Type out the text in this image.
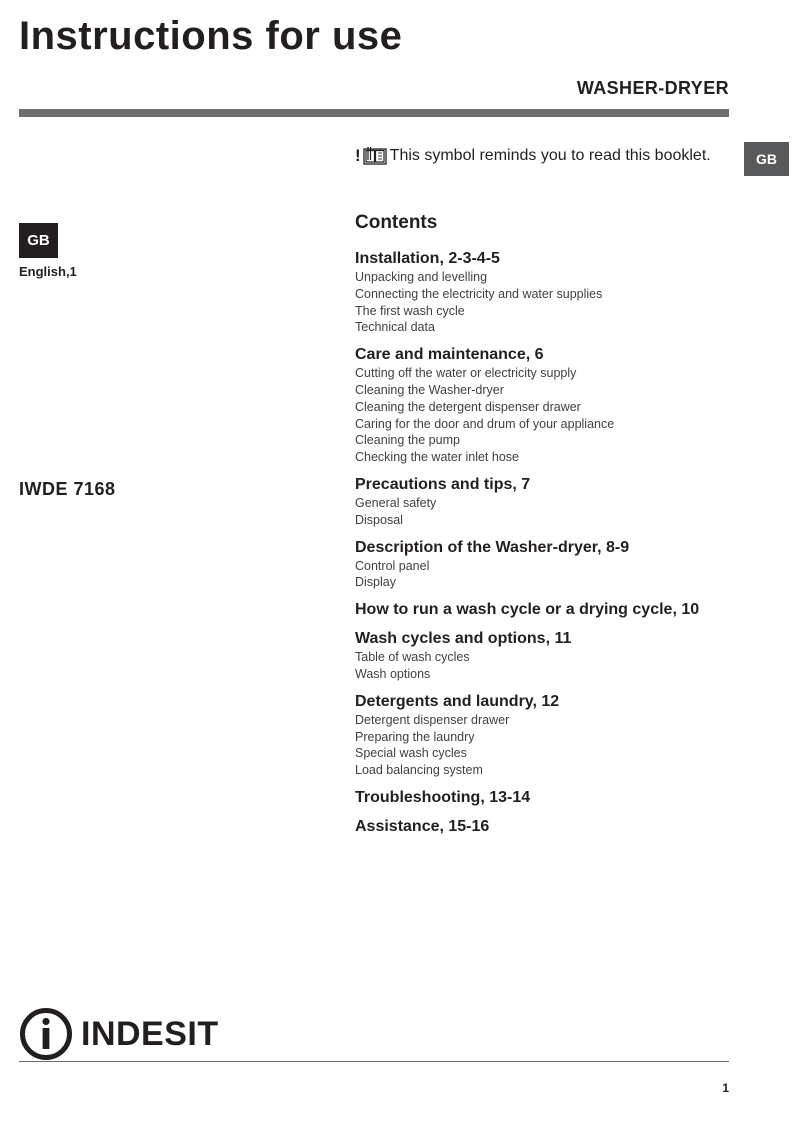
Instructions for use
WASHER-DRYER
GB
GB
English,1
IWDE 7168
! This symbol reminds you to read this booklet.
Contents
Installation, 2-3-4-5
Unpacking and levelling
Connecting the electricity and water supplies
The first wash cycle
Technical data
Care and maintenance, 6
Cutting off the water or electricity supply
Cleaning the Washer-dryer
Cleaning the detergent dispenser drawer
Caring for the door and drum of your appliance
Cleaning the pump
Checking the water inlet hose
Precautions and tips, 7
General safety
Disposal
Description of the Washer-dryer, 8-9
Control panel
Display
How to run a wash cycle or a drying cycle, 10
Wash cycles and options, 11
Table of wash cycles
Wash options
Detergents and laundry, 12
Detergent dispenser drawer
Preparing the laundry
Special wash cycles
Load balancing system
Troubleshooting, 13-14
Assistance, 15-16
INDESIT
1
